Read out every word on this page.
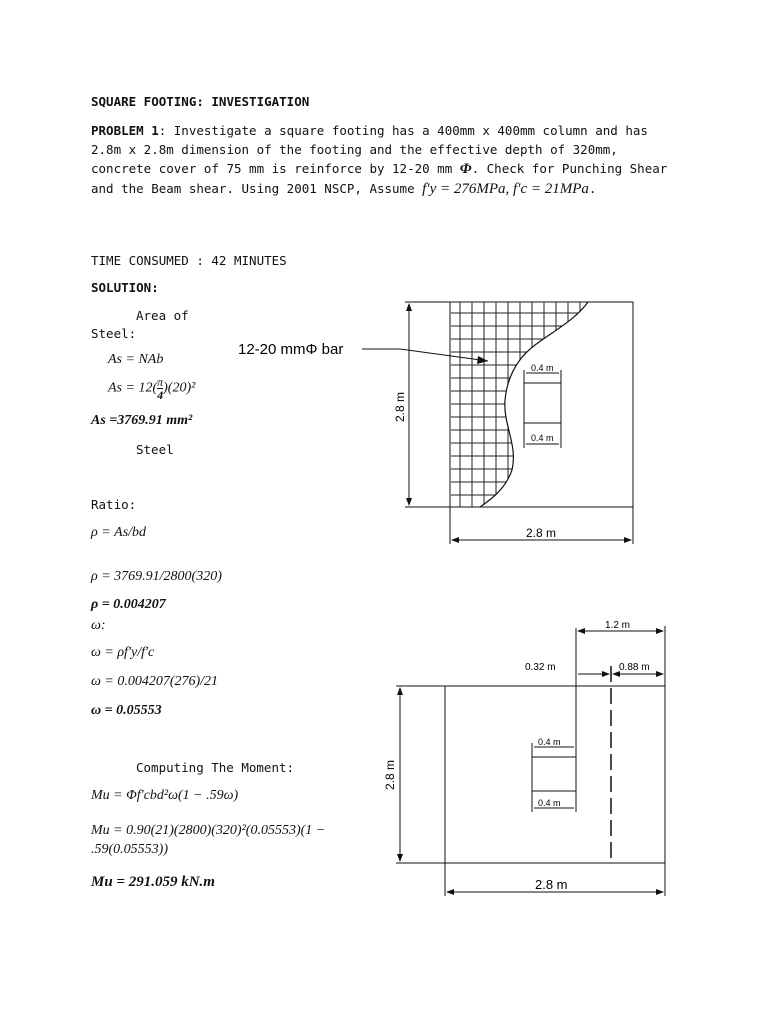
SQUARE FOOTING: INVESTIGATION
PROBLEM 1: Investigate a square footing has a 400mm x 400mm column and has 2.8m x 2.8m dimension of the footing and the effective depth of 320mm, concrete cover of 75 mm is reinforce by 12-20 mm Φ. Check for Punching Shear and the Beam shear. Using 2001 NSCP, Assume f′y = 276MPa, f′c = 21MPa.
TIME CONSUMED : 42 MINUTES
SOLUTION:
Area of
Steel:
As = NAb
$As = 12( \frac{\pi}{4} )(20)^2$
As =3769.91 mm²
Steel
Ratio:
ρ = As/bd
ρ = 3769.91/2800(320)
ρ = 0.004207
ω:
ω = ρf′y/f′c
ω = 0.004207(276)/21
ω = 0.05553
Computing The Moment:
Mu = Φf′cbd²ω(1 − .59ω)
Mu = 0.90(21)(2800)(320)²(0.05553)(1 −
.59(0.05553))
Mu = 291.059 kN.m
0.4 m
0.4 m
12-20 mmΦ bar
2.8 m
2.8 m
0.4 m
0.4 m
1.2 m
0.32 m	0.88 m
2.8 m
2.8 m
